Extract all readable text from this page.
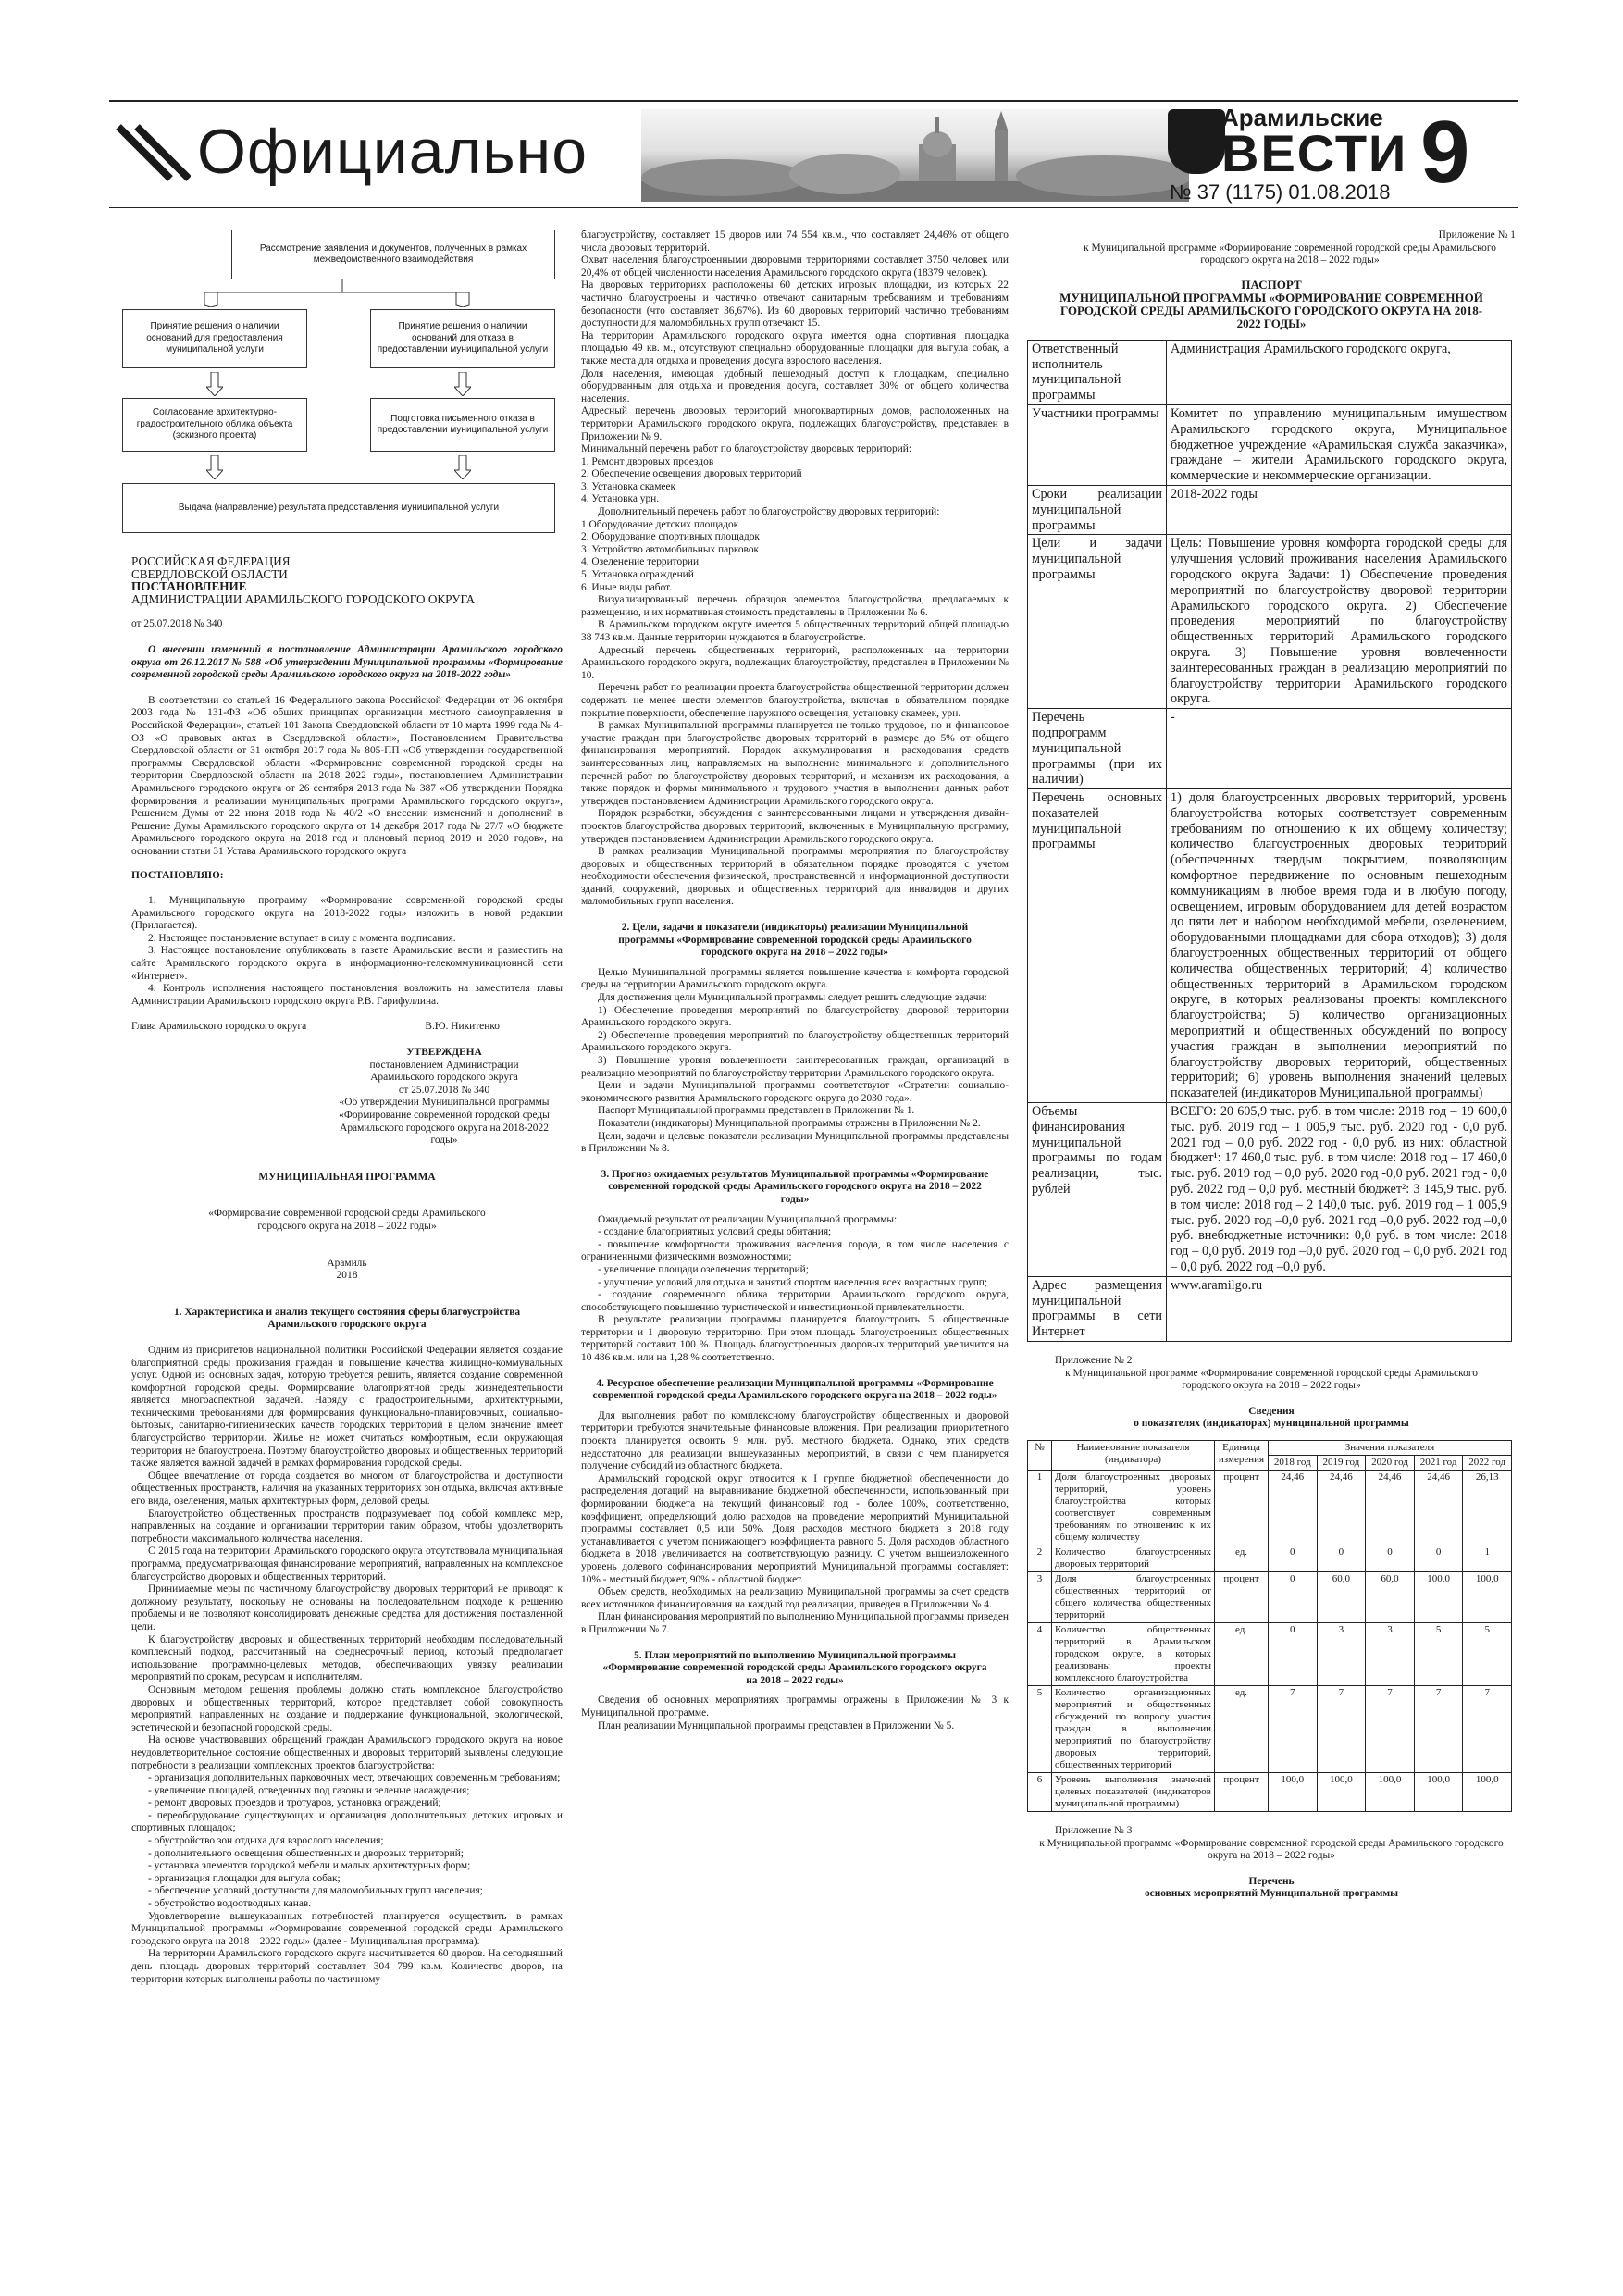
Официально	Арамильские
ВЕСТИ 9
№ 37 (1175) 01.08.2018
Рассмотрение заявления и документов, полученных в рамках межведомственного взаимодействия
Принятие решения о наличии оснований для предоставления муниципальной услуги
Принятие решения о наличии оснований для отказа в предоставлении муниципальной услуги
Согласование архитектурно-градостроительного облика объекта (эскизного проекта)
Подготовка письменного отказа в предоставлении муниципальной услуги
Выдача (направление) результата предоставления муниципальной услуги
РОССИЙСКАЯ ФЕДЕРАЦИЯ
СВЕРДЛОВСКОЙ ОБЛАСТИ
ПОСТАНОВЛЕНИЕ
АДМИНИСТРАЦИИ АРАМИЛЬСКОГО ГОРОДСКОГО ОКРУГА
от 25.07.2018 № 340
О внесении изменений в постановление Администрации Арамильского городского округа от 26.12.2017 № 588 «Об утверждении Муниципальной программы «Формирование современной городской среды Арамильского городского округа на 2018-2022 годы»

В соответствии со статьей 16 Федерального закона Российской Федерации от 06 октября 2003 года № 131-ФЗ «Об общих принципах организации местного самоуправления в Российской Федерации», статьей 101 Закона Свердловской области от 10 марта 1999 года № 4-ОЗ «О правовых актах в Свердловской области», Постановлением Правительства Свердловской области от 31 октября 2017 года № 805-ПП «Об утверждении государственной программы Свердловской области «Формирование современной городской среды на территории Свердловской области на 2018–2022 годы», постановлением Администрации Арамильского городского округа от 26 сентября 2013 года № 387 «Об утверждении Порядка формирования и реализации муниципальных программ Арамильского городского округа», Решением Думы от 22 июня 2018 года № 40/2 «О внесении изменений и дополнений в Решение Думы Арамильского городского округа от 14 декабря 2017 года № 27/7 «О бюджете Арамильского городского округа на 2018 год и плановый период 2019 и 2020 годов», на основании статьи 31 Устава Арамильского городского округа

ПОСТАНОВЛЯЮ:

1. Муниципальную программу «Формирование современной городской среды Арамильского городского округа на 2018-2022 годы» изложить в новой редакции (Прилагается).

2. Настоящее постановление вступает в силу с момента подписания.

3. Настоящее постановление опубликовать в газете Арамильские вести и разместить на сайте Арамильского городского округа в информационно-телекоммуникационной сети «Интернет».

4. Контроль исполнения настоящего постановления возложить на заместителя главы Администрации Арамильского городского округа Р.В. Гарифуллина.

Глава Арамильского городского округа	В.Ю. Никитенко
УТВЕРЖДЕНА
постановлением Администрации
Арамильского городского округа
от 25.07.2018 № 340
«Об утверждении Муниципальной программы «Формирование современной городской среды Арамильского городского округа на 2018-2022 годы»
МУНИЦИПАЛЬНАЯ ПРОГРАММА
«Формирование современной городской среды Арамильского городского округа на 2018 – 2022 годы»
Арамиль
2018
1. Характеристика и анализ текущего состояния сферы благоустройства Арамильского городского округа

Одним из приоритетов национальной политики Российской Федерации является создание благоприятной среды проживания граждан и повышение качества жилищно-коммунальных услуг. Одной из основных задач, которую требуется решить, является создание современной комфортной городской среды. Формирование благоприятной среды жизнедеятельности является многоаспектной задачей. Наряду с градостроительными, архитектурными, техническими требованиями для формирования функционально-планировочных, социально-бытовых, санитарно-гигиенических качеств городских территорий в целом значение имеет благоустройство территории. Жилье не может считаться комфортным, если окружающая территория не благоустроена. Поэтому благоустройство дворовых и общественных территорий также является важной задачей в рамках формирования городской среды.

Общее впечатление от города создается во многом от благоустройства и доступности общественных пространств, наличия на указанных территориях зон отдыха, включая активные его вида, озеленения, малых архитектурных форм, деловой среды.

Благоустройство общественных пространств подразумевает под собой комплекс мер, направленных на создание и организации территории таким образом, чтобы удовлетворить потребности максимального количества населения.

С 2015 года на территории Арамильского городского округа отсутствовала муниципальная программа, предусматривающая финансирование мероприятий, направленных на комплексное благоустройство дворовых и общественных территорий.

Принимаемые меры по частичному благоустройству дворовых территорий не приводят к должному результату, поскольку не основаны на последовательном подходе к решению проблемы и не позволяют консолидировать денежные средства для достижения поставленной цели.

К благоустройству дворовых и общественных территорий необходим последовательный комплексный подход, рассчитанный на среднесрочный период, который предполагает использование программно-целевых методов, обеспечивающих увязку реализации мероприятий по срокам, ресурсам и исполнителям.

Основным методом решения проблемы должно стать комплексное благоустройство дворовых и общественных территорий, которое представляет собой совокупность мероприятий, направленных на создание и поддержание функциональной, экологической, эстетической и безопасной городской среды.

На основе участвовавших обращений граждан Арамильского городского округа на новое неудовлетворительное состояние общественных и дворовых территорий выявлены следующие потребности в реализации комплексных проектов благоустройства:

- организация дополнительных парковочных мест, отвечающих современным требованиям;

- увеличение площадей, отведенных под газоны и зеленые насаждения;

- ремонт дворовых проездов и тротуаров, установка ограждений;

- переоборудование существующих и организация дополнительных детских игровых и спортивных площадок;

- обустройство зон отдыха для взрослого населения;

- дополнительного освещения общественных и дворовых территорий;

- установка элементов городской мебели и малых архитектурных форм;

- организация площадки для выгула собак;

- обеспечение условий доступности для маломобильных групп населения;

- обустройство водоотводных канав.

Удовлетворение вышеуказанных потребностей планируется осуществить в рамках Муниципальной программы «Формирование современной городской среды Арамильского городского округа на 2018 – 2022 годы» (далее - Муниципальная программа).

На территории Арамильского городского округа насчитывается 60 дворов. На сегодняшний день площадь дворовых территорий составляет 304 799 кв.м. Количество дворов, на территории которых выполнены работы по частичному

благоустройству, составляет 15 дворов или 74 554 кв.м., что составляет 24,46% от общего числа дворовых территорий.

Охват населения благоустроенными дворовыми территориями составляет 3750 человек или 20,4% от общей численности населения Арамильского городского округа (18379 человек).

На дворовых территориях расположены 60 детских игровых площадки, из которых 22 частично благоустроены и частично отвечают санитарным требованиям и требованиям безопасности (что составляет 36,67%). Из 60 дворовых территорий частично требованиям доступности для маломобильных групп отвечают 15.

На территории Арамильского городского округа имеется одна спортивная площадка площадью 49 кв. м., отсутствуют специально оборудованные площадки для выгула собак, а также места для отдыха и проведения досуга взрослого населения.

Доля населения, имеющая удобный пешеходный доступ к площадкам, специально оборудованным для отдыха и проведения досуга, составляет 30% от общего количества населения.

Адресный перечень дворовых территорий многоквартирных домов, расположенных на территории Арамильского городского округа, подлежащих благоустройству, представлен в Приложении № 9.

Минимальный перечень работ по благоустройству дворовых территорий:

1. Ремонт дворовых проездов

2. Обеспечение освещения дворовых территорий

3. Установка скамеек

4. Установка урн.

Дополнительный перечень работ по благоустройству дворовых территорий:

1.Оборудование детских площадок

2. Оборудование спортивных площадок

3. Устройство автомобильных парковок

4. Озеленение территории

5. Установка ограждений

6. Иные виды работ.

Визуализированный перечень образцов элементов благоустройства, предлагаемых к размещению, и их нормативная стоимость представлены в Приложении № 6.

В Арамильском городском округе имеется 5 общественных территорий общей площадью 38 743 кв.м. Данные территории нуждаются в благоустройстве.

Адресный перечень общественных территорий, расположенных на территории Арамильского городского округа, подлежащих благоустройству, представлен в Приложении № 10.

Перечень работ по реализации проекта благоустройства общественной территории должен содержать не менее шести элементов благоустройства, включая в обязательном порядке покрытие поверхности, обеспечение наружного освещения, установку скамеек, урн.

В рамках Муниципальной программы планируется не только трудовое, но и финансовое участие граждан при благоустройстве дворовых территорий в размере до 5% от общего финансирования мероприятий. Порядок аккумулирования и расходования средств заинтересованных лиц, направляемых на выполнение минимального и дополнительного перечней работ по благоустройству дворовых территорий, и механизм их расходования, а также порядок и формы минимального и трудового участия в выполнении данных работ утвержден постановлением Администрации Арамильского городского округа.

Порядок разработки, обсуждения с заинтересованными лицами и утверждения дизайн-проектов благоустройства дворовых территорий, включенных в Муниципальную программу, утвержден постановлением Администрации Арамильского городского округа.

В рамках реализации Муниципальной программы мероприятия по благоустройству дворовых и общественных территорий в обязательном порядке проводятся с учетом необходимости обеспечения физической, пространственной и информационной доступности зданий, сооружений, дворовых и общественных территорий для инвалидов и других маломобильных групп населения.

2. Цели, задачи и показатели (индикаторы) реализации Муниципальной программы «Формирование современной городской среды Арамильского городского округа на 2018 – 2022 годы»

Целью Муниципальной программы является повышение качества и комфорта городской среды на территории Арамильского городского округа.

Для достижения цели Муниципальной программы следует решить следующие задачи:

1) Обеспечение проведения мероприятий по благоустройству дворовой территории Арамильского городского округа.

2) Обеспечение проведения мероприятий по благоустройству общественных территорий Арамильского городского округа.

3) Повышение уровня вовлеченности заинтересованных граждан, организаций в реализацию мероприятий по благоустройству территории Арамильского городского округа.

Цели и задачи Муниципальной программы соответствуют «Стратегии социально-экономического развития Арамильского городского округа до 2030 года».

Паспорт Муниципальной программы представлен в Приложении № 1.

Показатели (индикаторы) Муниципальной программы отражены в Приложении № 2.

Цели, задачи и целевые показатели реализации Муниципальной программы представлены в Приложении № 8.

3. Прогноз ожидаемых результатов Муниципальной программы «Формирование современной городской среды Арамильского городского округа на 2018 – 2022 годы»

Ожидаемый результат от реализации Муниципальной программы:

- создание благоприятных условий среды обитания;

- повышение комфортности проживания населения города, в том числе населения с ограниченными физическими возможностями;

- увеличение площади озеленения территорий;

- улучшение условий для отдыха и занятий спортом населения всех возрастных групп;

- создание современного облика территории Арамильского городского округа, способствующего повышению туристической и инвестиционной привлекательности.

В результате реализации программы планируется благоустроить 5 общественные территории и 1 дворовую территорию. При этом площадь благоустроенных общественных территорий составит 100 %. Площадь благоустроенных дворовых территорий увеличится на 10 486 кв.м. или на 1,28 % соответственно.

4. Ресурсное обеспечение реализации Муниципальной программы «Формирование современной городской среды Арамильского городского округа на 2018 – 2022 годы»

Для выполнения работ по комплексному благоустройству общественных и дворовой территории требуются значительные финансовые вложения. При реализации приоритетного проекта планируется освоить 9 млн. руб. местного бюджета. Однако, этих средств недостаточно для реализации вышеуказанных мероприятий, в связи с чем планируется получение субсидий из областного бюджета.

Арамильский городской округ относится к I группе бюджетной обеспеченности до распределения дотаций на выравнивание бюджетной обеспеченности, использованный при формировании бюджета на текущий финансовый год - более 100%, соответственно, коэффициент, определяющий долю расходов на проведение мероприятий Муниципальной программы составляет 0,5 или 50%. Доля расходов местного бюджета в 2018 году устанавливается с учетом понижающего коэффициента равного 5. Доля расходов областного бюджета в 2018 увеличивается на соответствующую разницу. С учетом вышеизложенного уровень долевого софинансирования мероприятий Муниципальной программы составляет: 10% - местный бюджет, 90% - областной бюджет.

Объем средств, необходимых на реализацию Муниципальной программы за счет средств всех источников финансирования на каждый год реализации, приведен в Приложении № 4.

План финансирования мероприятий по выполнению Муниципальной программы приведен в Приложении № 7.

5. План мероприятий по выполнению Муниципальной программы «Формирование современной городской среды Арамильского городского округа на 2018 – 2022 годы»

Сведения об основных мероприятиях программы отражены в Приложении № 3 к Муниципальной программе.

План реализации Муниципальной программы представлен в Приложении № 5.

Приложение № 1
к Муниципальной программе «Формирование современной городской среды Арамильского городского округа на 2018 – 2022 годы»
ПАСПОРТ
МУНИЦИПАЛЬНОЙ ПРОГРАММЫ «ФОРМИРОВАНИЕ СОВРЕМЕННОЙ ГОРОДСКОЙ СРЕДЫ АРАМИЛЬСКОГО ГОРОДСКОГО ОКРУГА НА 2018-2022 ГОДЫ»
Ответственный исполнитель муниципальной программы	Администрация Арамильского городского округа,
Участники программы	Комитет по управлению муниципальным имуществом Арамильского городского округа, Муниципальное бюджетное учреждение «Арамильская служба заказчика», граждане – жители Арамильского городского округа, коммерческие и некоммерческие организации.
Сроки реализации муниципальной программы	2018-2022 годы
Цели и задачи муниципальной программы	Цель: Повышение уровня комфорта городской среды для улучшения условий проживания населения Арамильского городского округа Задачи: 1) Обеспечение проведения мероприятий по благоустройству дворовой территории Арамильского городского округа. 2) Обеспечение проведения мероприятий по благоустройству общественных территорий Арамильского городского округа. 3) Повышение уровня вовлеченности заинтересованных граждан в реализацию мероприятий по благоустройству территории Арамильского городского округа.
Перечень подпрограмм муниципальной программы (при их наличии)	-
Перечень основных показателей муниципальной программы	1) доля благоустроенных дворовых территорий, уровень благоустройства которых соответствует современным требованиям по отношению к их общему количеству; количество благоустроенных дворовых территорий (обеспеченных твердым покрытием, позволяющим комфортное передвижение по основным пешеходным коммуникациям в любое время года и в любую погоду, освещением, игровым оборудованием для детей возрастом до пяти лет и набором необходимой мебели, озеленением, оборудованными площадками для сбора отходов); 3) доля благоустроенных общественных территорий от общего количества общественных территорий; 4) количество общественных территорий в Арамильском городском округе, в которых реализованы проекты комплексного благоустройства; 5) количество организационных мероприятий и общественных обсуждений по вопросу участия граждан в выполнении мероприятий по благоустройству дворовых территорий, общественных территорий; 6) уровень выполнения значений целевых показателей (индикаторов Муниципальной программы)
Объемы финансирования муниципальной программы по годам реализации, тыс. рублей	ВСЕГО: 20 605,9 тыс. руб. в том числе: 2018 год – 19 600,0 тыс. руб. 2019 год – 1 005,9 тыс. руб. 2020 год - 0,0 руб. 2021 год – 0,0 руб. 2022 год - 0,0 руб. из них: областной бюджет¹: 17 460,0 тыс. руб. в том числе: 2018 год – 17 460,0 тыс. руб. 2019 год – 0,0 руб. 2020 год -0,0 руб. 2021 год - 0,0 руб. 2022 год – 0,0 руб. местный бюджет²: 3 145,9 тыс. руб. в том числе: 2018 год – 2 140,0 тыс. руб. 2019 год – 1 005,9 тыс. руб. 2020 год –0,0 руб. 2021 год –0,0 руб. 2022 год –0,0 руб. внебюджетные источники: 0,0 руб. в том числе: 2018 год – 0,0 руб. 2019 год –0,0 руб. 2020 год – 0,0 руб. 2021 год – 0,0 руб. 2022 год –0,0 руб.
Адрес размещения муниципальной программы в сети Интернет	www.aramilgo.ru
Приложение № 2
к Муниципальной программе «Формирование современной городской среды Арамильского городского округа на 2018 – 2022 годы»
Сведения
о показателях (индикаторах) муниципальной программы
№	Наименование показателя (индикатора)	Единица измерения	Значения показателя				
			2018 год	2019 год	2020 год	2021 год	2022 год
1	Доля благоустроенных дворовых территорий, уровень благоустройства которых соответствует современным требованиям по отношению к их общему количеству	процент	24,46	24,46	24,46	24,46	26,13
2	Количество благоустроенных дворовых территорий	ед.	0	0	0	0	1
3	Доля благоустроенных общественных территорий от общего количества общественных территорий	процент	0	60,0	60,0	100,0	100,0
4	Количество общественных территорий в Арамильском городском округе, в которых реализованы проекты комплексного благоустройства	ед.	0	3	3	5	5
5	Количество организационных мероприятий и общественных обсуждений по вопросу участия граждан в выполнении мероприятий по благоустройству дворовых территорий, общественных территорий	ед.	7	7	7	7	7
6	Уровень выполнения значений целевых показателей (индикаторов муниципальной программы)	процент	100,0	100,0	100,0	100,0	100,0
Приложение № 3
к Муниципальной программе «Формирование современной городской среды Арамильского городского округа на 2018 – 2022 годы»
Перечень
основных мероприятий Муниципальной программы
